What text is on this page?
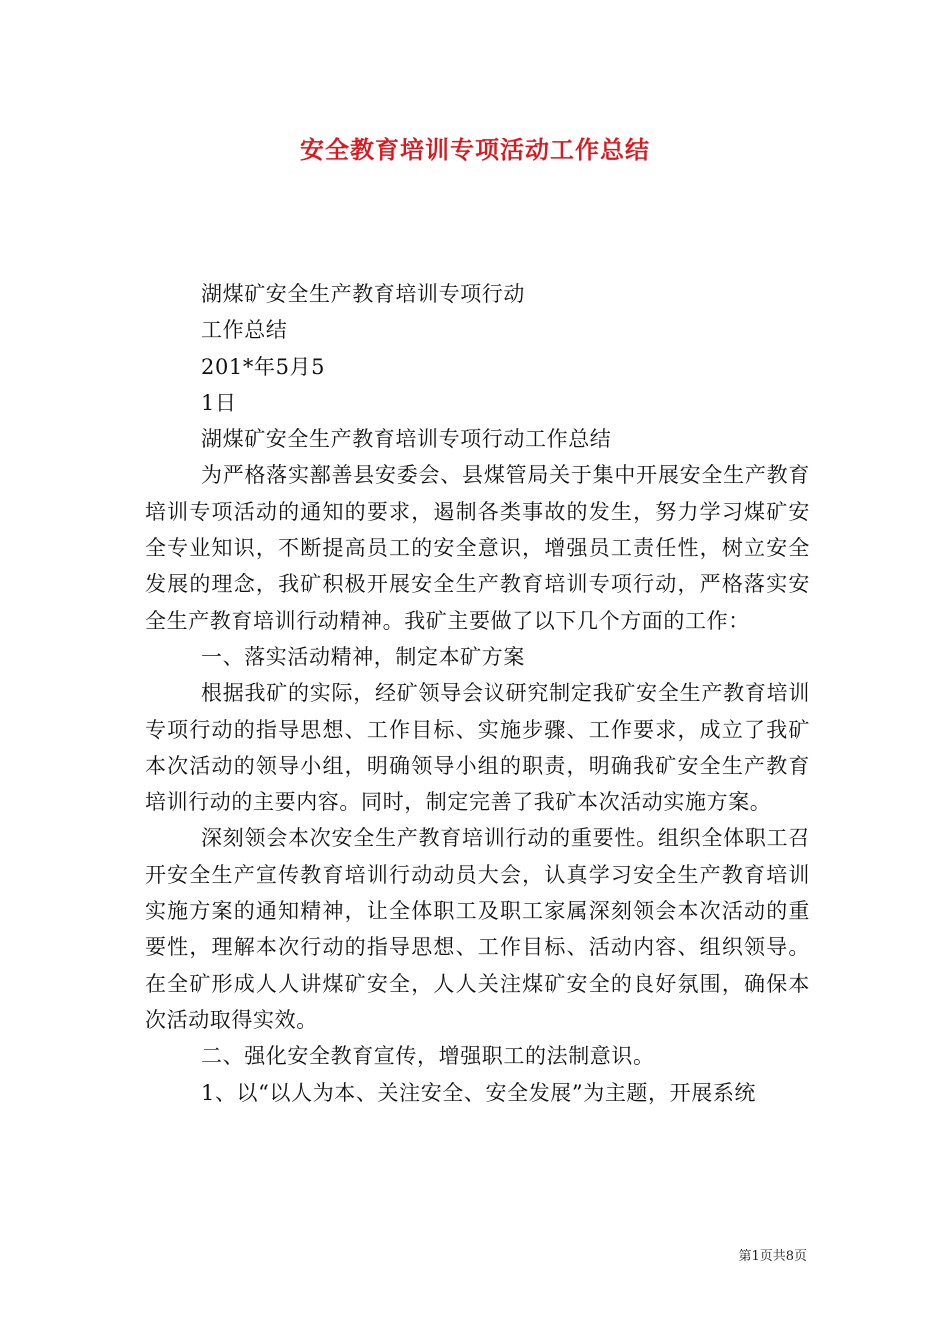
安全教育培训专项活动工作总结

湖煤矿安全生产教育培训专项行动

工作总结

201*年5月5

1日

湖煤矿安全生产教育培训专项行动工作总结

为严格落实鄯善县安委会、县煤管局关于集中开展安全生产教育培训专项活动的通知的要求，遏制各类事故的发生，努力学习煤矿安全专业知识，不断提高员工的安全意识，增强员工责任性，树立安全发展的理念，我矿积极开展安全生产教育培训专项行动，严格落实安全生产教育培训行动精神。我矿主要做了以下几个方面的工作：

一、落实活动精神，制定本矿方案

根据我矿的实际，经矿领导会议研究制定我矿安全生产教育培训专项行动的指导思想、工作目标、实施步骤、工作要求，成立了我矿本次活动的领导小组，明确领导小组的职责，明确我矿安全生产教育培训行动的主要内容。同时，制定完善了我矿本次活动实施方案。

深刻领会本次安全生产教育培训行动的重要性。组织全体职工召开安全生产宣传教育培训行动动员大会，认真学习安全生产教育培训实施方案的通知精神，让全体职工及职工家属深刻领会本次活动的重要性，理解本次行动的指导思想、工作目标、活动内容、组织领导。在全矿形成人人讲煤矿安全，人人关注煤矿安全的良好氛围，确保本次活动取得实效。

二、强化安全教育宣传，增强职工的法制意识。

1、以“以人为本、关注安全、安全发展”为主题，开展系统

第1页共8页
